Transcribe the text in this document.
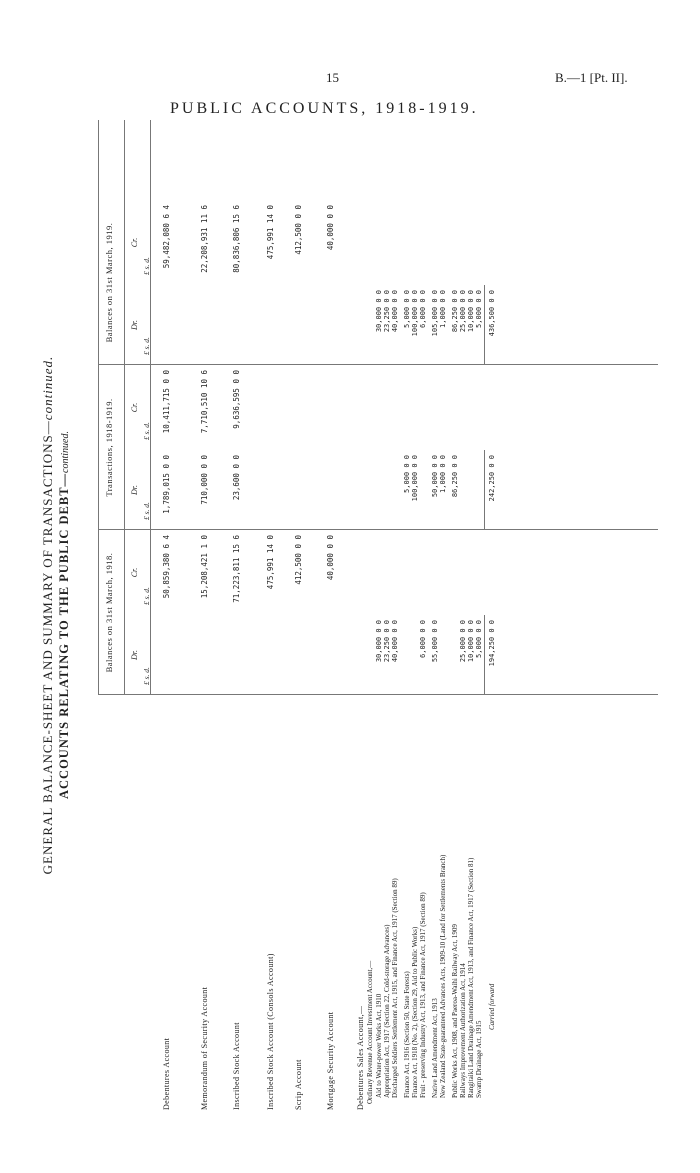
15	B.—1 [Pt. II].
PUBLIC ACCOUNTS, 1918-1919.
GENERAL BALANCE-SHEET AND SUMMARY OF TRANSACTIONS—continued.
ACCOUNTS RELATING TO THE PUBLIC DEBT—continued.
Balances on 31st March, 1918.
Transactions, 1918-1919.
Balances on 31st March, 1919.
Dr.
Cr.
Dr.
Cr.
Dr.
Cr.
£ s. d.
£ s. d.
£ s. d.
£ s. d.
£ s. d.
£ s. d.
Debentures Account
50,859,380 6 4
1,789,015 0 0
10,411,715 0 0
59,482,080 6 4
Memorandum of Security Account
15,208,421 1 0
710,000 0 0
7,710,510 10 6
22,208,931 11 6
Inscribed Stock Account
71,223,811 15 6
23,600 0 0
9,636,595 0 0
80,836,806 15 6
Inscribed Stock Account (Consols Account)
475,991 14 0
475,991 14 0
Scrip Account
412,500 0 0
412,500 0 0
Mortgage Security Account
40,000 0 0
40,000 0 0
Debentures Sales Account,— Ordinary Revenue Account Investment Account,— Aid to Water-power Works Act, 1910
30,000 0 0
30,000 0 0
Appropriation Act, 1917 (Section 22, Cold-storage Advances)
23,250 0 0
23,250 0 0
Discharged Soldiers Settlement Act, 1915, and Finance Act, 1917 (Section 89)
40,000 0 0
40,000 0 0
Finance Act, 1916 (Section 50, State Forests)
5,000 0 0
5,000 0 0
Finance Act, 1918 (No. 2), (Section 29, Aid to Public Works)
100,000 0 0
100,000 0 0
Fruit - preserving Industry Act, 1913, and Finance Act, 1917 (Section 89)
6,000 0 0
6,000 0 0
Native Land Amendment Act, 1913
55,000 0 0
50,000 0 0
105,000 0 0
New Zealand State-guaranteed Advances Acts, 1909-10 (Land for Settlements Branch)
1,000 0 0
1,000 0 0
Public Works Act, 1908, and Paeroa-Waihi Railway Act, 1909
86,250 0 0
86,250 0 0
Railways Improvement Authorization Act, 1914
25,000 0 0
25,000 0 0
Rangitaiki Land Drainage Amendment Act, 1913, and Finance Act, 1917 (Section 81)
10,000 0 0
10,000 0 0
Swamp Drainage Act, 1915
5,000 0 0
5,000 0 0
Carried forward
194,250 0 0
242,250 0 0
436,500 0 0
